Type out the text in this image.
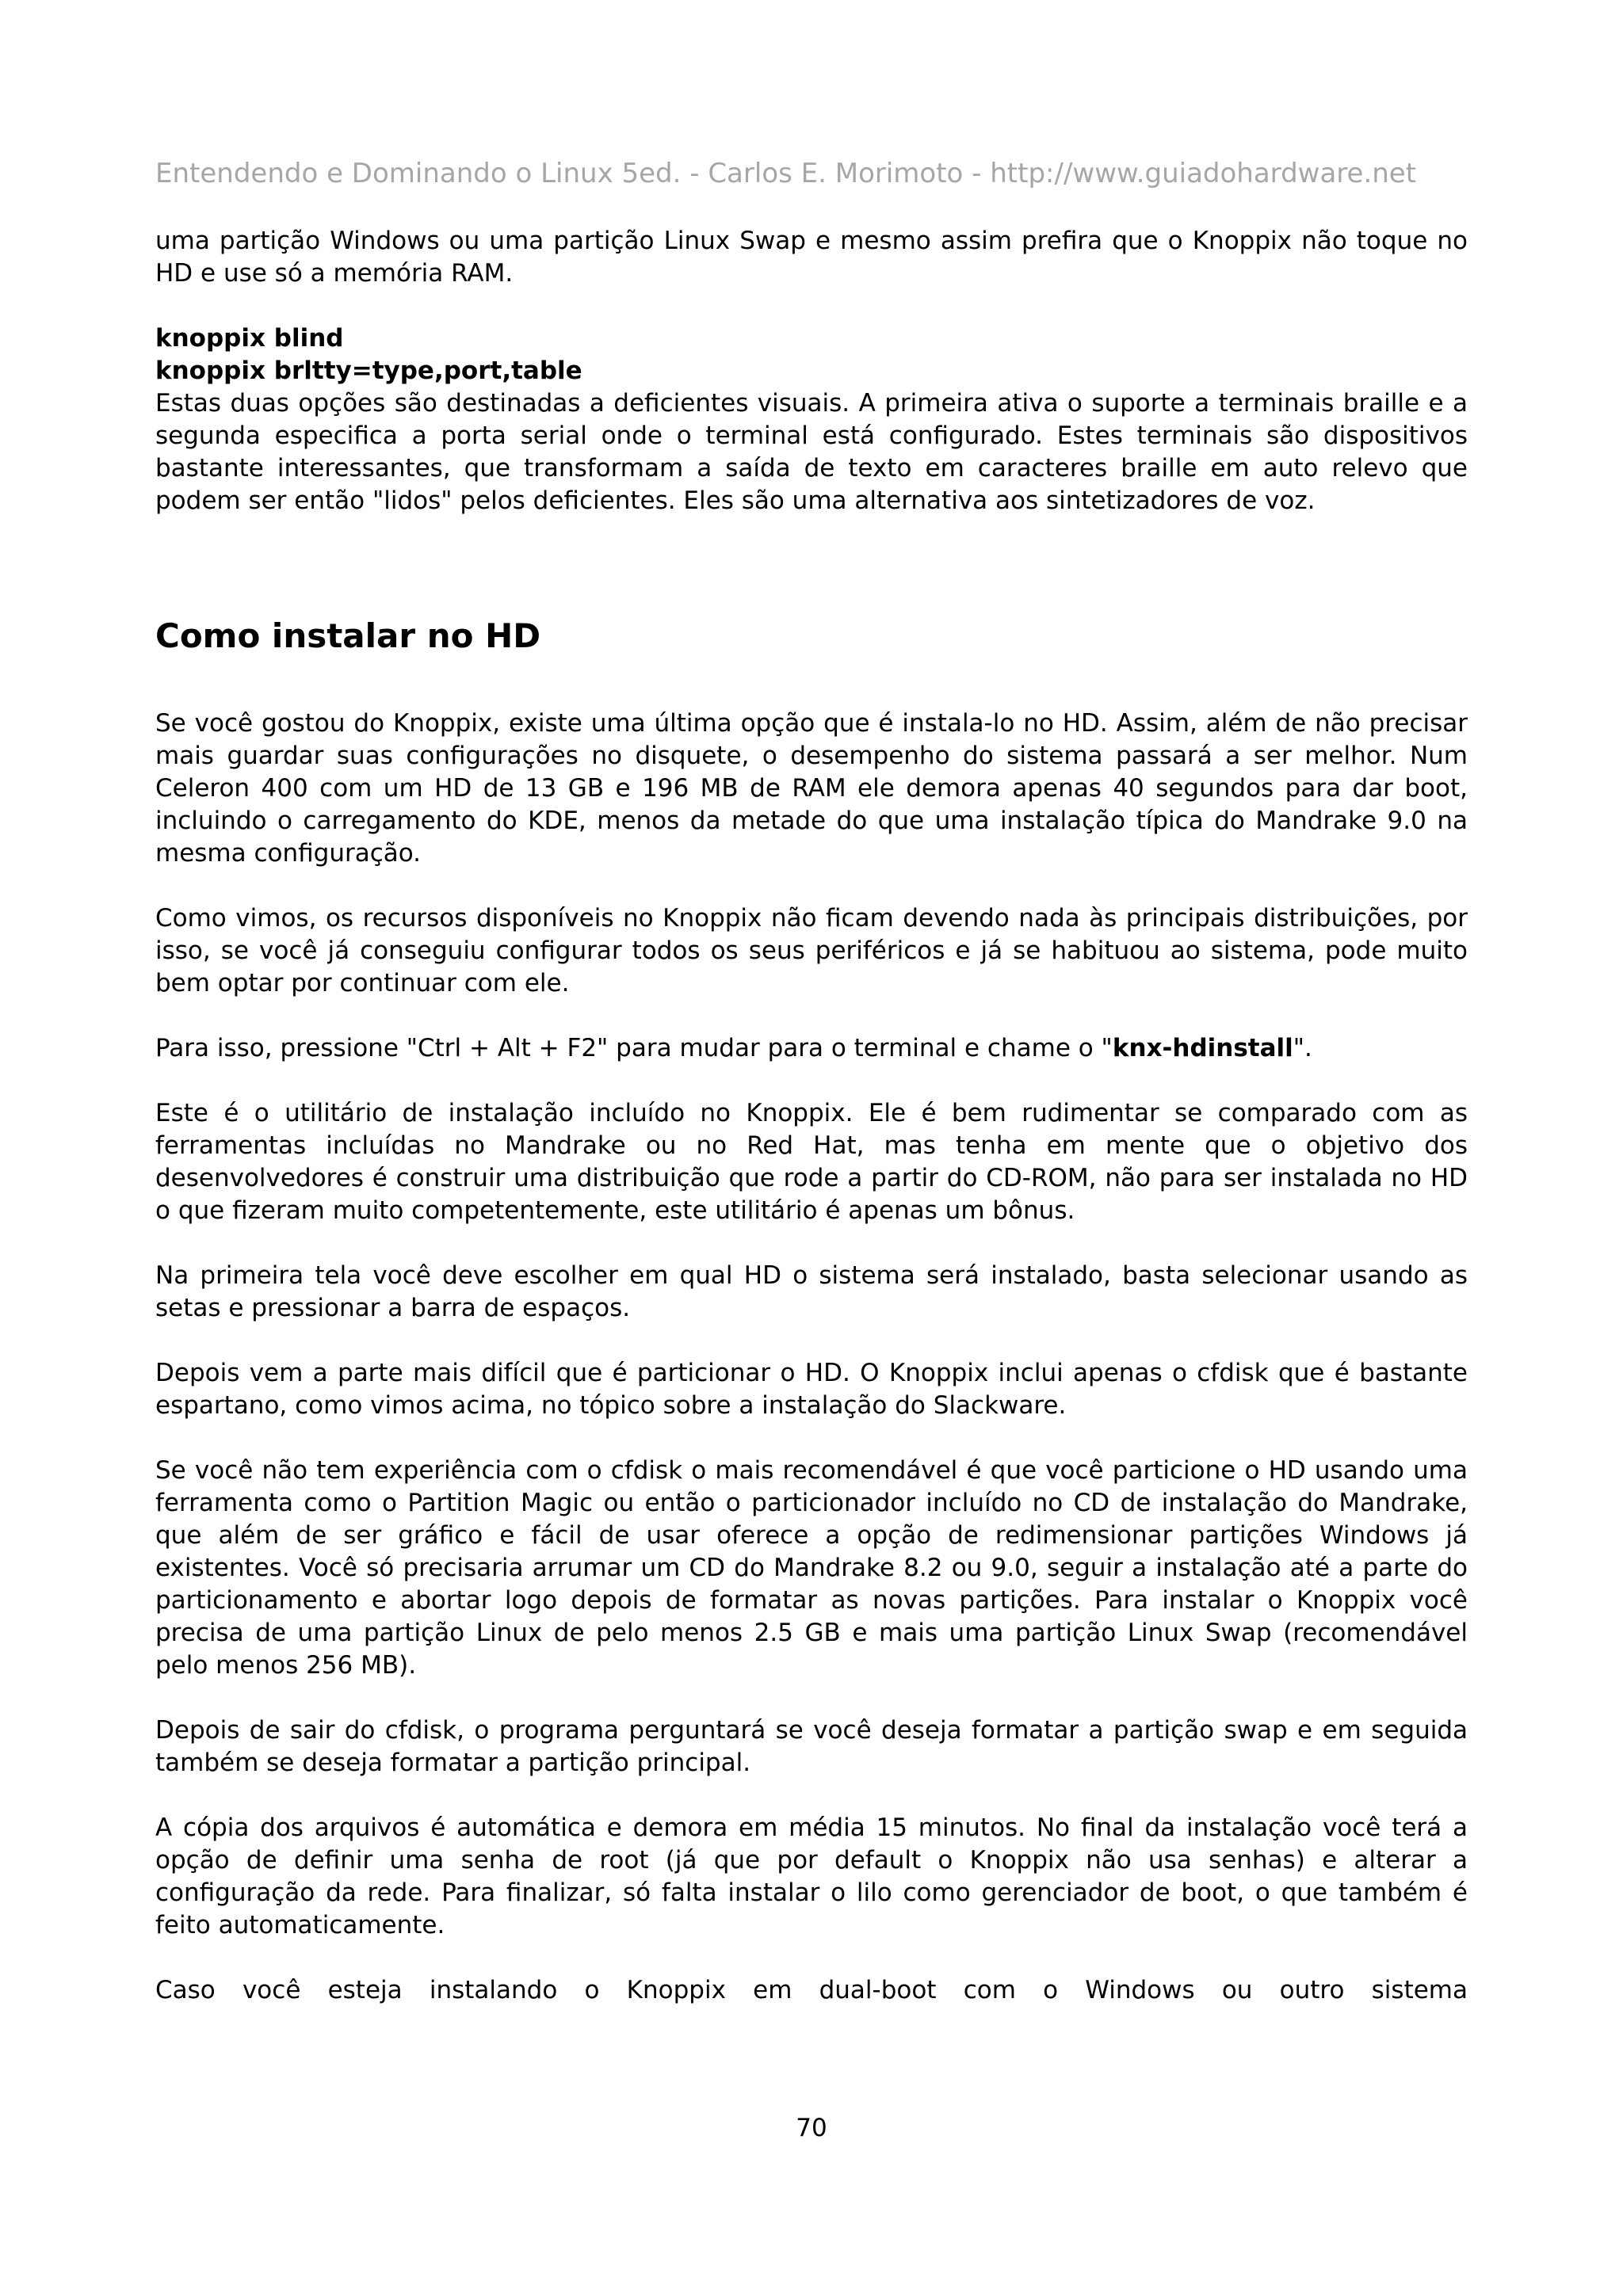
Entendendo e Dominando o Linux 5ed. - Carlos E. Morimoto - http://www.guiadohardware.net

uma partição Windows ou uma partição Linux Swap e mesmo assim prefira que o Knoppix não toque no HD e use só a memória RAM.

knoppix blind

knoppix brltty=type,port,table

Estas duas opções são destinadas a deficientes visuais. A primeira ativa o suporte a terminais braille e a segunda especifica a porta serial onde o terminal está configurado. Estes terminais são dispositivos bastante interessantes, que transformam a saída de texto em caracteres braille em auto relevo que podem ser então "lidos" pelos deficientes. Eles são uma alternativa aos sintetizadores de voz.

Como instalar no HD

Se você gostou do Knoppix, existe uma última opção que é instala-lo no HD. Assim, além de não precisar mais guardar suas configurações no disquete, o desempenho do sistema passará a ser melhor. Num Celeron 400 com um HD de 13 GB e 196 MB de RAM ele demora apenas 40 segundos para dar boot, incluindo o carregamento do KDE, menos da metade do que uma instalação típica do Mandrake 9.0 na mesma configuração.

Como vimos, os recursos disponíveis no Knoppix não ficam devendo nada às principais distribuições, por isso, se você já conseguiu configurar todos os seus periféricos e já se habituou ao sistema, pode muito bem optar por continuar com ele.

Para isso, pressione "Ctrl + Alt + F2" para mudar para o terminal e chame o "knx-hdinstall".

Este é o utilitário de instalação incluído no Knoppix. Ele é bem rudimentar se comparado com as ferramentas incluídas no Mandrake ou no Red Hat, mas tenha em mente que o objetivo dos desenvolvedores é construir uma distribuição que rode a partir do CD-ROM, não para ser instalada no HD o que fizeram muito competentemente, este utilitário é apenas um bônus.

Na primeira tela você deve escolher em qual HD o sistema será instalado, basta selecionar usando as setas e pressionar a barra de espaços.

Depois vem a parte mais difícil que é particionar o HD. O Knoppix inclui apenas o cfdisk que é bastante espartano, como vimos acima, no tópico sobre a instalação do Slackware.

Se você não tem experiência com o cfdisk o mais recomendável é que você particione o HD usando uma ferramenta como o Partition Magic ou então o particionador incluído no CD de instalação do Mandrake, que além de ser gráfico e fácil de usar oferece a opção de redimensionar partições Windows já existentes. Você só precisaria arrumar um CD do Mandrake 8.2 ou 9.0, seguir a instalação até a parte do particionamento e abortar logo depois de formatar as novas partições. Para instalar o Knoppix você precisa de uma partição Linux de pelo menos 2.5 GB e mais uma partição Linux Swap (recomendável pelo menos 256 MB).

Depois de sair do cfdisk, o programa perguntará se você deseja formatar a partição swap e em seguida também se deseja formatar a partição principal.

A cópia dos arquivos é automática e demora em média 15 minutos. No final da instalação você terá a opção de definir uma senha de root (já que por default o Knoppix não usa senhas) e alterar a configuração da rede. Para finalizar, só falta instalar o lilo como gerenciador de boot, o que também é feito automaticamente.

Caso você esteja instalando o Knoppix em dual-boot com o Windows ou outro sistema

70
